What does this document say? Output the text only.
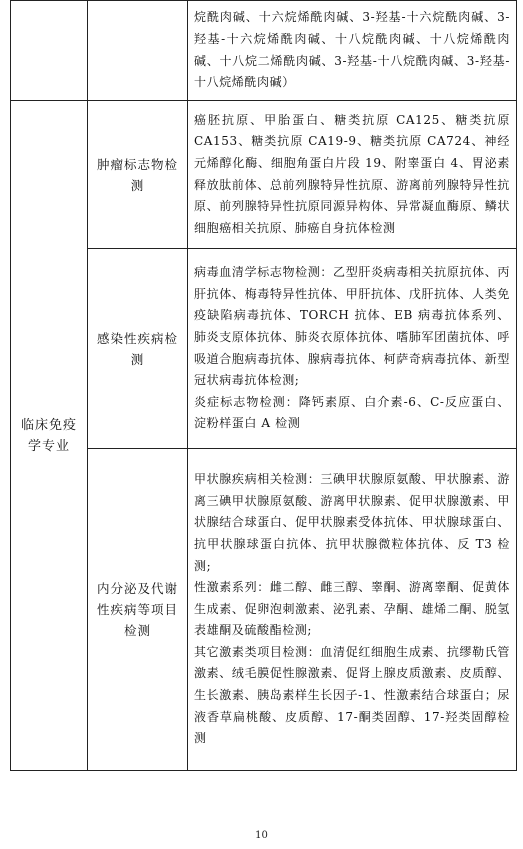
		烷酰肉碱、十六烷烯酰肉碱、3-羟基-十六烷酰肉碱、3-羟基-十六烷烯酰肉碱、十八烷酰肉碱、十八烷烯酰肉碱、十八烷二烯酰肉碱、3-羟基-十八烷酰肉碱、3-羟基-十八烷烯酰肉碱）

临床免疫学专业	肿瘤标志物检测	癌胚抗原、甲胎蛋白、糖类抗原 CA125、糖类抗原 CA153、糖类抗原 CA19-9、糖类抗原 CA724、神经元烯醇化酶、细胞角蛋白片段 19、附睾蛋白 4、胃泌素释放肽前体、总前列腺特异性抗原、游离前列腺特异性抗原、前列腺特异性抗原同源异构体、异常凝血酶原、鳞状细胞癌相关抗原、肺癌自身抗体检测

	感染性疾病检测	病毒血清学标志物检测：乙型肝炎病毒相关抗原抗体、丙肝抗体、梅毒特异性抗体、甲肝抗体、戊肝抗体、人类免疫缺陷病毒抗体、TORCH 抗体、EB 病毒抗体系列、肺炎支原体抗体、肺炎衣原体抗体、嗜肺军团菌抗体、呼吸道合胞病毒抗体、腺病毒抗体、柯萨奇病毒抗体、新型冠状病毒抗体检测;

炎症标志物检测：降钙素原、白介素-6、C-反应蛋白、淀粉样蛋白 A 检测

	内分泌及代谢性疾病等项目检测	甲状腺疾病相关检测：三碘甲状腺原氨酸、甲状腺素、游离三碘甲状腺原氨酸、游离甲状腺素、促甲状腺激素、甲状腺结合球蛋白、促甲状腺素受体抗体、甲状腺球蛋白、抗甲状腺球蛋白抗体、抗甲状腺微粒体抗体、反 T3 检测;

性激素系列：雌二醇、雌三醇、睾酮、游离睾酮、促黄体生成素、促卵泡刺激素、泌乳素、孕酮、雄烯二酮、脱氢表雄酮及硫酸酯检测;

其它激素类项目检测：血清促红细胞生成素、抗缪勒氏管激素、绒毛膜促性腺激素、促肾上腺皮质激素、皮质醇、生长激素、胰岛素样生长因子-1、性激素结合球蛋白；尿液香草扁桃酸、皮质醇、17-酮类固醇、17-羟类固醇检测

10
